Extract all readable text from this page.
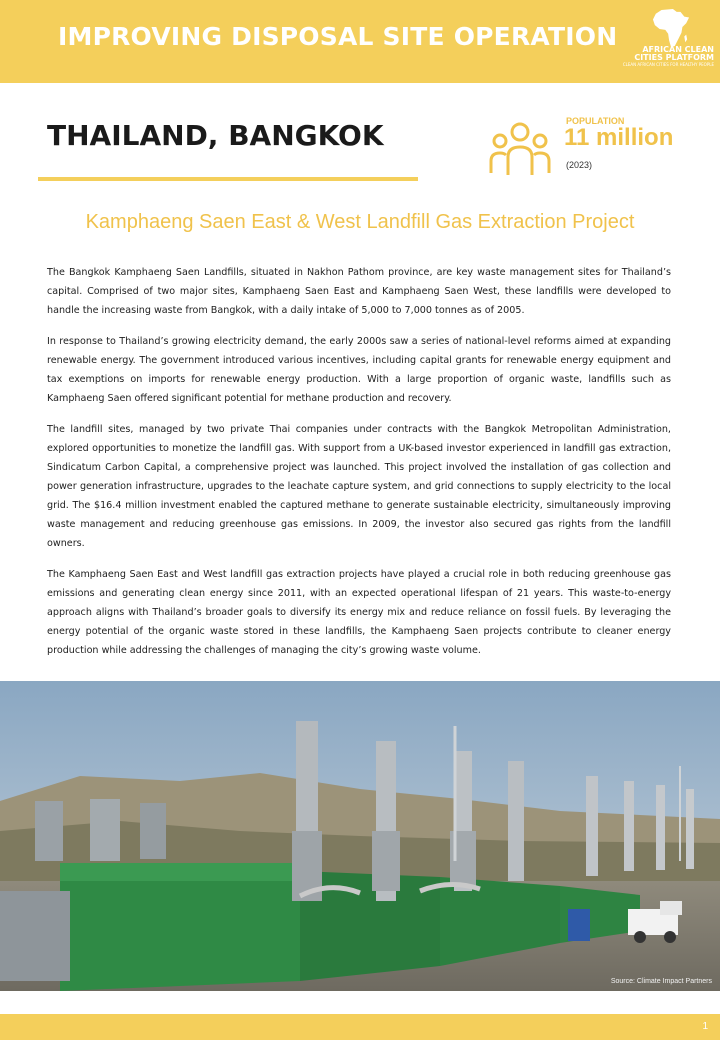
IMPROVING DISPOSAL SITE OPERATION	AFRICAN CLEAN
CITIES PLATFORM
CLEAN AFRICAN CITIES FOR HEALTHY PEOPLE
THAILAND, BANGKOK	POPULATION
11 million
(2023)
Kamphaeng Saen East & West Landfill Gas Extraction Project

The Bangkok Kamphaeng Saen Landfills, situated in Nakhon Pathom province, are key waste management sites for Thailand’s capital. Comprised of two major sites, Kamphaeng Saen East and Kamphaeng Saen West, these landfills were developed to handle the increasing waste from Bangkok, with a daily intake of 5,000 to 7,000 tonnes as of 2005.

In response to Thailand’s growing electricity demand, the early 2000s saw a series of national-level reforms aimed at expanding renewable energy. The government introduced various incentives, including capital grants for renewable energy equipment and tax exemptions on imports for renewable energy production. With a large proportion of organic waste, landfills such as Kamphaeng Saen offered significant potential for methane production and recovery.

The landfill sites, managed by two private Thai companies under contracts with the Bangkok Metropolitan Administration, explored opportunities to monetize the landfill gas. With support from a UK-based investor experienced in landfill gas extraction, Sindicatum Carbon Capital, a comprehensive project was launched. This project involved the installation of gas collection and power generation infrastructure, upgrades to the leachate capture system, and grid connections to supply electricity to the local grid. The $16.4 million investment enabled the captured methane to generate sustainable electricity, simultaneously improving waste management and reducing greenhouse gas emissions. In 2009, the investor also secured gas rights from the landfill owners.

The Kamphaeng Saen East and West landfill gas extraction projects have played a crucial role in both reducing greenhouse gas emissions and generating clean energy since 2011, with an expected operational lifespan of 21 years. This waste-to-energy approach aligns with Thailand’s broader goals to diversify its energy mix and reduce reliance on fossil fuels. By leveraging the energy potential of the organic waste stored in these landfills, the Kamphaeng Saen projects contribute to cleaner energy production while addressing the challenges of managing the city’s growing waste volume.

Source: Climate Impact Partners
1
